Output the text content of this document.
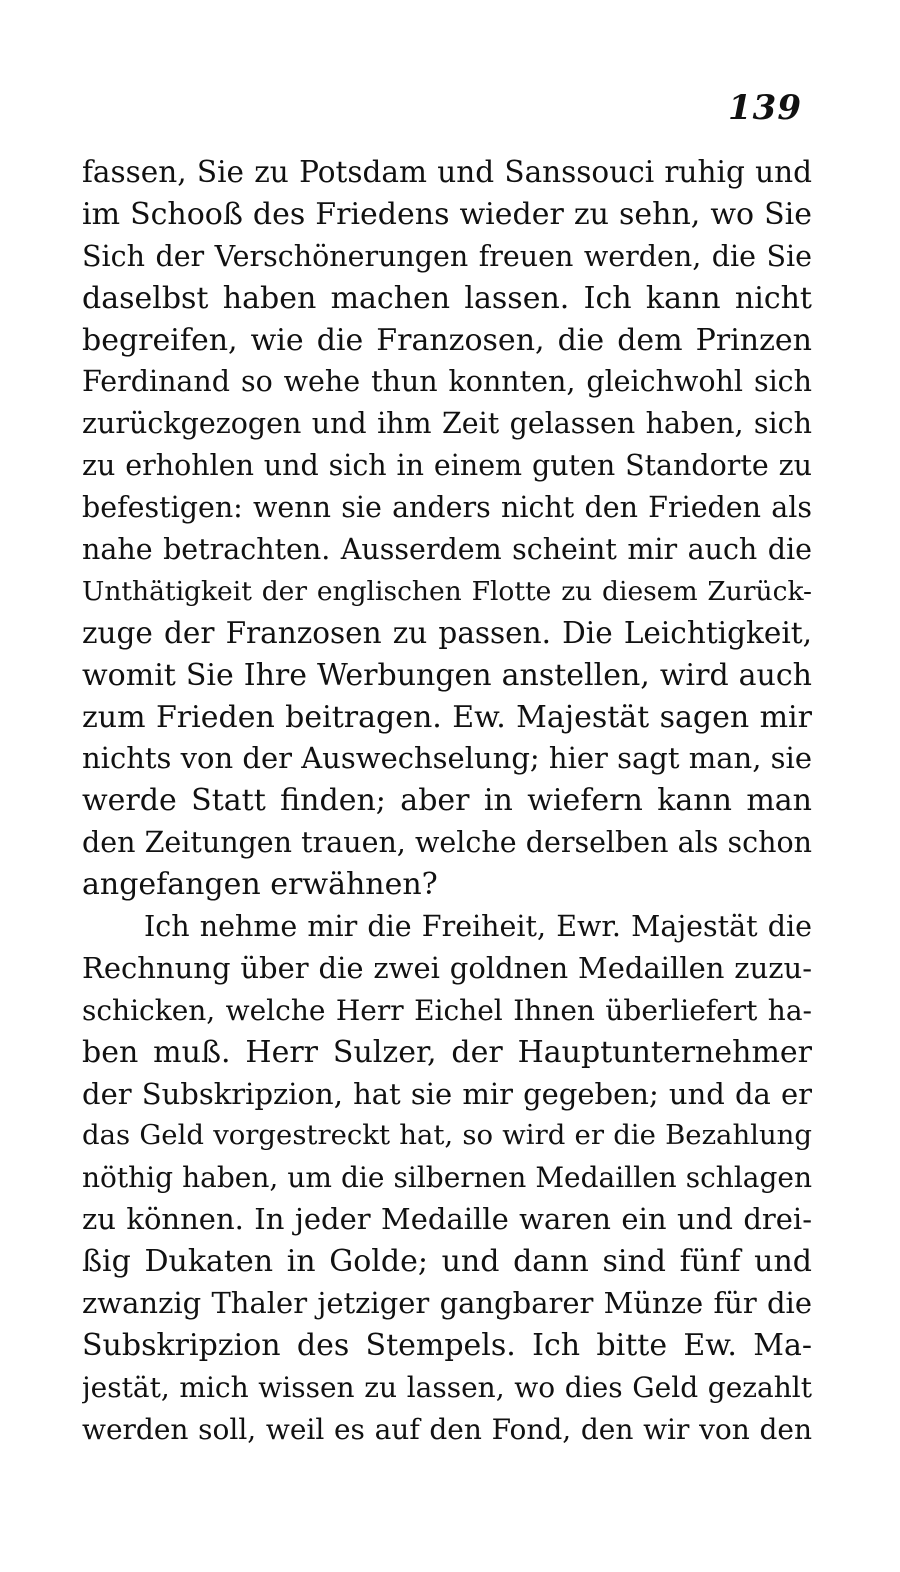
139
fassen, Sie zu Potsdam und Sanssouci ruhig und
im Schooß des Friedens wieder zu sehn, wo Sie
Sich der Verschönerungen freuen werden, die Sie
daselbst haben machen lassen. Ich kann nicht
begreifen, wie die Franzosen, die dem Prinzen
Ferdinand so wehe thun konnten, gleichwohl sich
zurückgezogen und ihm Zeit gelassen haben, sich
zu erhohlen und sich in einem guten Standorte zu
befestigen: wenn sie anders nicht den Frieden als
nahe betrachten. Ausserdem scheint mir auch die
Unthätigkeit der englischen Flotte zu diesem Zurück-
zuge der Franzosen zu passen. Die Leichtigkeit,
womit Sie Ihre Werbungen anstellen, wird auch
zum Frieden beitragen. Ew. Majestät sagen mir
nichts von der Auswechselung; hier sagt man, sie
werde Statt finden; aber in wiefern kann man
den Zeitungen trauen, welche derselben als schon
angefangen erwähnen?
Ich nehme mir die Freiheit, Ewr. Majestät die
Rechnung über die zwei goldnen Medaillen zuzu-
schicken, welche Herr Eichel Ihnen überliefert ha-
ben muß. Herr Sulzer, der Hauptunternehmer
der Subskripzion, hat sie mir gegeben; und da er
das Geld vorgestreckt hat, so wird er die Bezahlung
nöthig haben, um die silbernen Medaillen schlagen
zu können. In jeder Medaille waren ein und drei-
ßig Dukaten in Golde; und dann sind fünf und
zwanzig Thaler jetziger gangbarer Münze für die
Subskripzion des Stempels. Ich bitte Ew. Ma-
jestät, mich wissen zu lassen, wo dies Geld gezahlt
werden soll, weil es auf den Fond, den wir von den
